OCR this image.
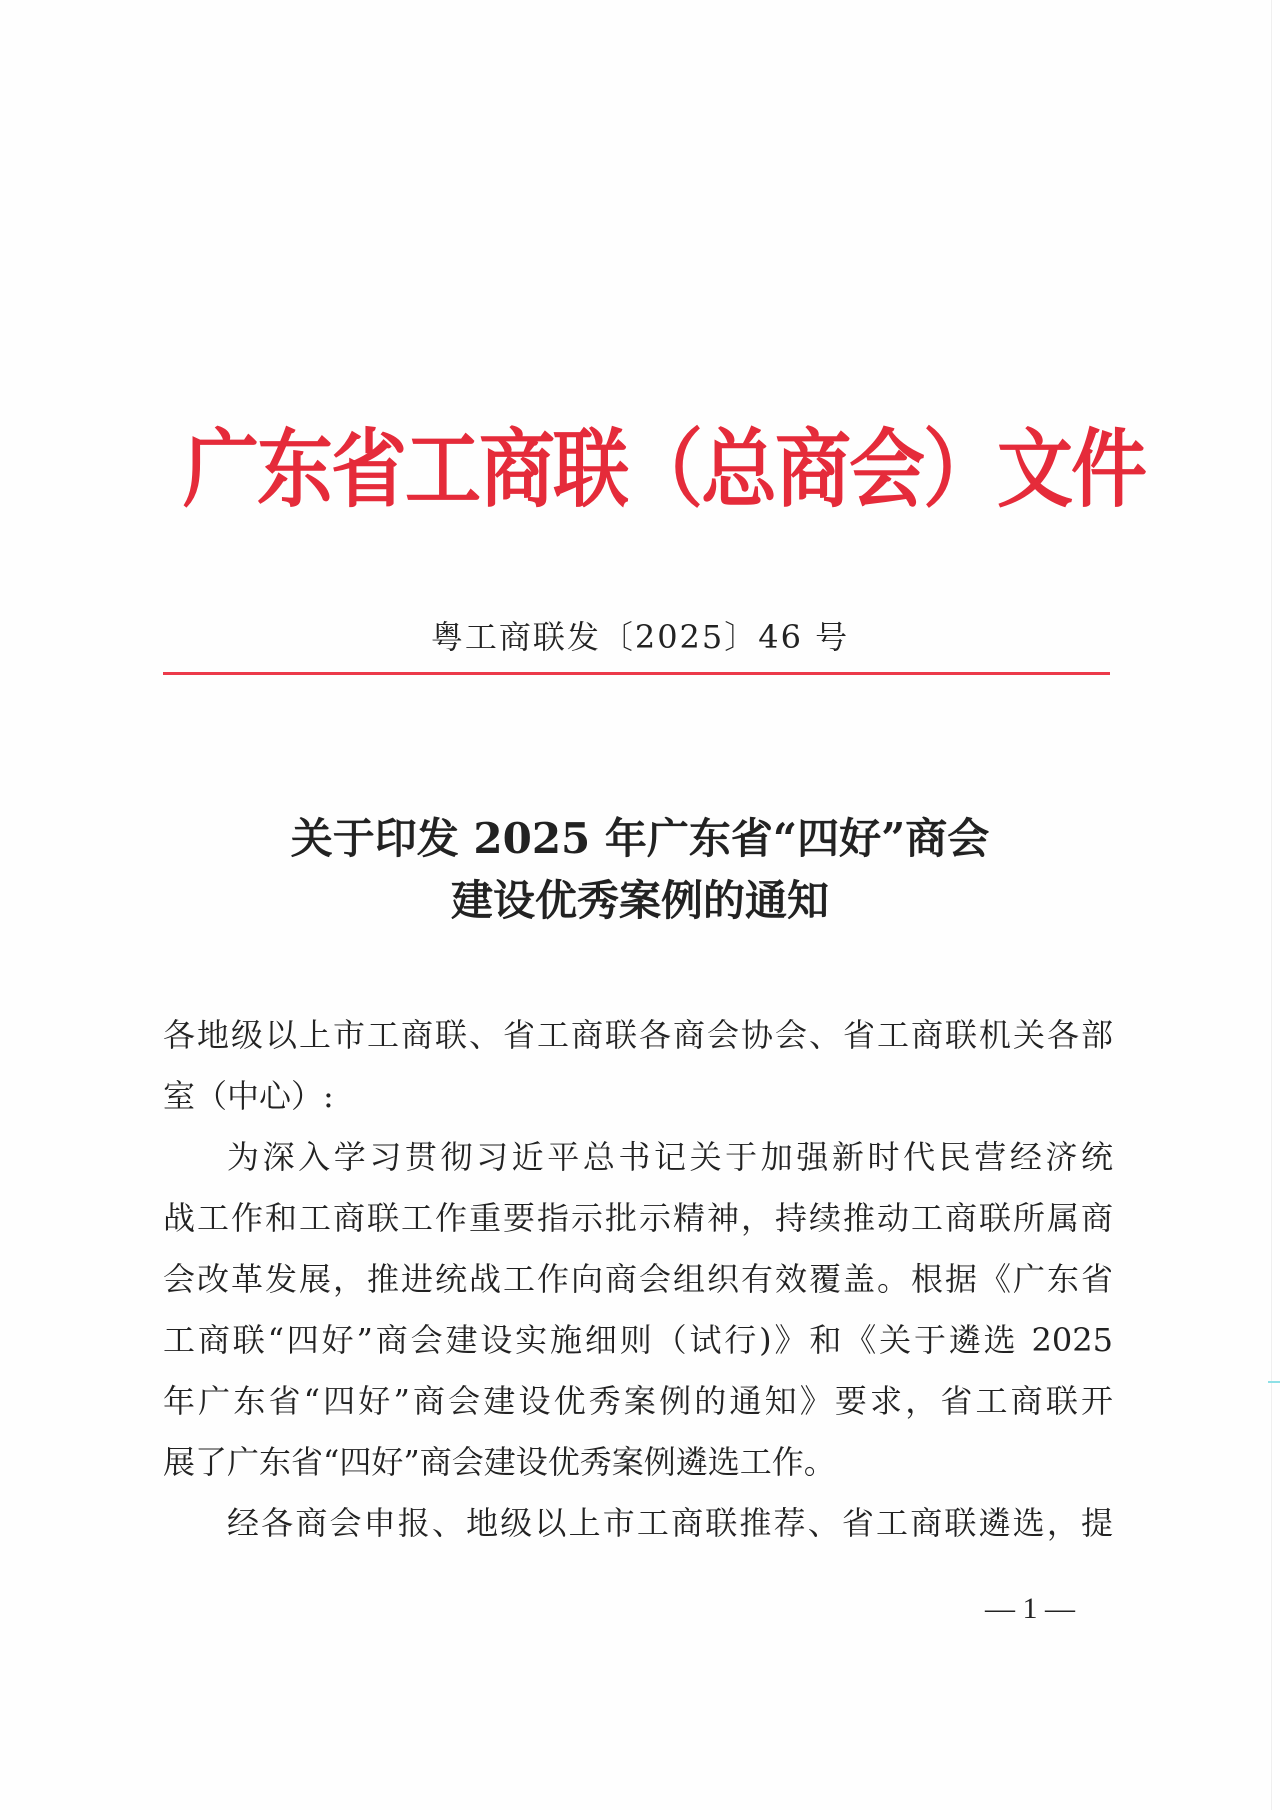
广东省工商联（总商会）文件
粤工商联发〔2025〕46 号
关于印发 2025 年广东省“四好”商会
建设优秀案例的通知
各地级以上市工商联、省工商联各商会协会、省工商联机关各部
室（中心）:
为深入学习贯彻习近平总书记关于加强新时代民营经济统
战工作和工商联工作重要指示批示精神，持续推动工商联所属商
会改革发展，推进统战工作向商会组织有效覆盖。根据《广东省
工商联“四好”商会建设实施细则（试行)》和《关于遴选 2025
年广东省“四好”商会建设优秀案例的通知》要求，省工商联开
展了广东省“四好”商会建设优秀案例遴选工作。
经各商会申报、地级以上市工商联推荐、省工商联遴选，提
— 1 —
